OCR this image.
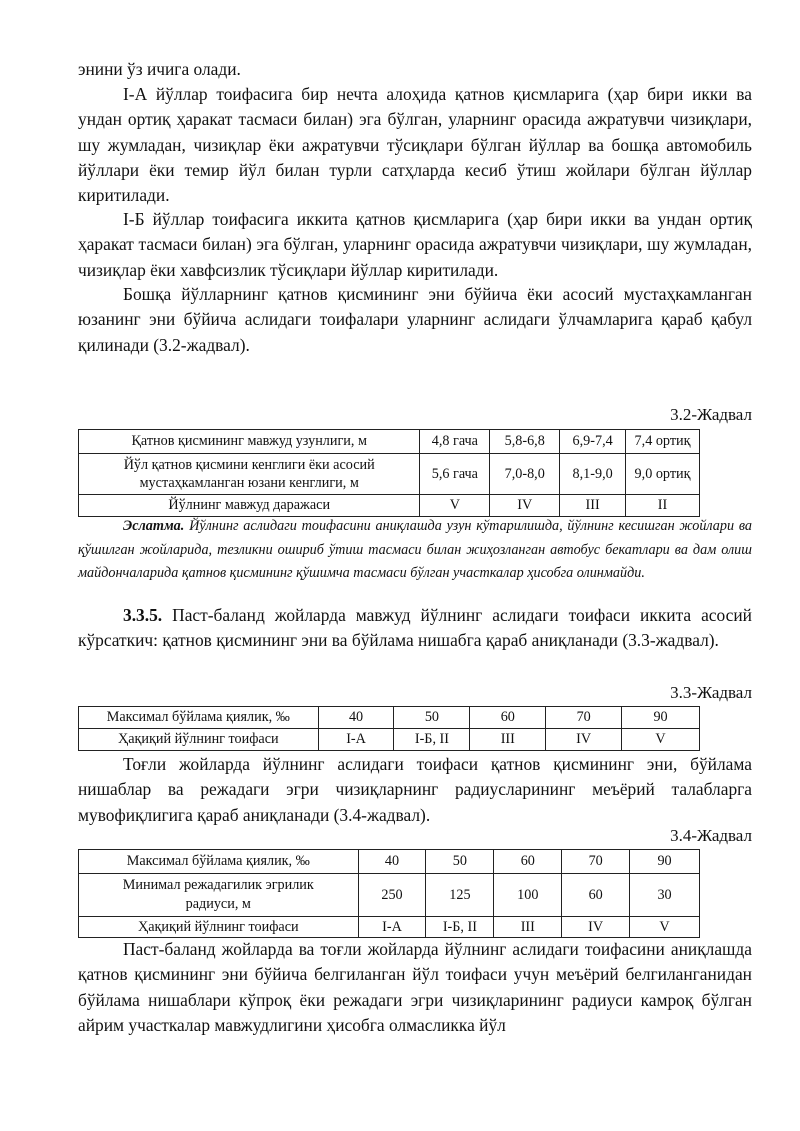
энини ўз ичига олади.

I-А йўллар тоифасига бир нечта алоҳида қатнов қисмларига (ҳар бири икки ва ундан ортиқ ҳаракат тасмаси билан) эга бўлган, уларнинг орасида ажратувчи чизиқлари, шу жумладан, чизиқлар ёки ажратувчи тўсиқлари бўлган йўллар ва бошқа автомобиль йўллари ёки темир йўл билан турли сатҳларда кесиб ўтиш жойлари бўлган йўллар киритилади.

I-Б йўллар тоифасига иккита қатнов қисмларига (ҳар бири икки ва ундан ортиқ ҳаракат тасмаси билан) эга бўлган, уларнинг орасида ажратувчи чизиқлари, шу жумладан, чизиқлар ёки хавфсизлик тўсиқлари йўллар киритилади.

Бошқа йўлларнинг қатнов қисмининг эни бўйича ёки асосий мустаҳкамланган юзанинг эни бўйича аслидаги тоифалари уларнинг аслидаги ўлчамларига қараб қабул қилинади (3.2-жадвал).

3.2-Жадвал

Қатнов қисмининг мавжуд узунлиги, м	4,8 гача	5,8-6,8	6,9-7,4	7,4 ортиқ
Йўл қатнов қисмини кенглиги ёки асосий мустаҳкамланган юзани кенглиги, м	5,6 гача	7,0-8,0	8,1-9,0	9,0 ортиқ
Йўлнинг мавжуд даражаси	V	IV	III	II

Эслатма. Йўлнинг аслидаги тоифасини аниқлашда узун кўтарилишда, йўлнинг кесишган жойлари ва қўшилган жойларида, тезликни ошириб ўтиш тасмаси билан жиҳозланган автобус бекатлари ва дам олиш майдончаларида қатнов қисмининг қўшимча тасмаси бўлган участкалар ҳисобга олинмайди.

3.3.5. Паст-баланд жойларда мавжуд йўлнинг аслидаги тоифаси иккита асосий кўрсаткич: қатнов қисмининг эни ва бўйлама нишабга қараб аниқланади (3.3-жадвал).

3.3-Жадвал

Максимал бўйлама қиялик, ‰	40	50	60	70	90
Ҳақиқий йўлнинг тоифаси	I-А	I-Б, II	III	IV	V

Тоғли жойларда йўлнинг аслидаги тоифаси қатнов қисмининг эни, бўйлама нишаблар ва режадаги эгри чизиқларнинг радиусларининг меъёрий талабларга мувофиқлигига қараб аниқланади (3.4-жадвал).

3.4-Жадвал

Максимал бўйлама қиялик, ‰	40	50	60	70	90
Минимал режадагилик эгрилик радиуси, м	250	125	100	60	30
Ҳақиқий йўлнинг тоифаси	I-А	I-Б, II	III	IV	V

Паст-баланд жойларда ва тоғли жойларда йўлнинг аслидаги тоифасини аниқлашда қатнов қисмининг эни бўйича белгиланган йўл тоифаси учун меъёрий белгиланганидан бўйлама нишаблари кўпроқ ёки режадаги эгри чизиқларининг радиуси камроқ бўлган айрим участкалар мавжудлигини ҳисобга олмасликка йўл
